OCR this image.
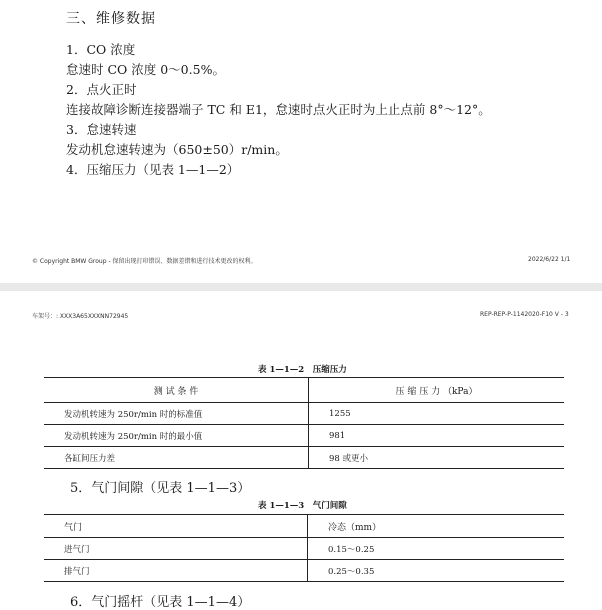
三、维修数据
1．CO 浓度
怠速时 CO 浓度 0～0.5%。
2．点火正时
连接故障诊断连接器端子 TC 和 E1，怠速时点火正时为上止点前 8°～12°。
3．怠速转速
发动机怠速转速为（650±50）r/min。
4．压缩压力（见表 1—1—2）
© Copyright BMW Group - 保留出现打印错误、数据差错和进行技术更改的权利。	2022/6/22 1/1
车架号：: XXX3A65XXXNN72945	REP-REP-P-1142020-F10 V - 3
表 1—1—2　压缩压力
测 试 条 件	压 缩 压 力 （kPa）
发动机转速为 250r/min 时的标准值	1255
发动机转速为 250r/min 时的最小值	981
各缸间压力差	98 或更小
5．气门间隙（见表 1—1—3）
表 1—1—3　气门间隙
气门	冷态（mm）
进气门	0.15～0.25
排气门	0.25～0.35
6．气门摇杆（见表 1—1—4）
